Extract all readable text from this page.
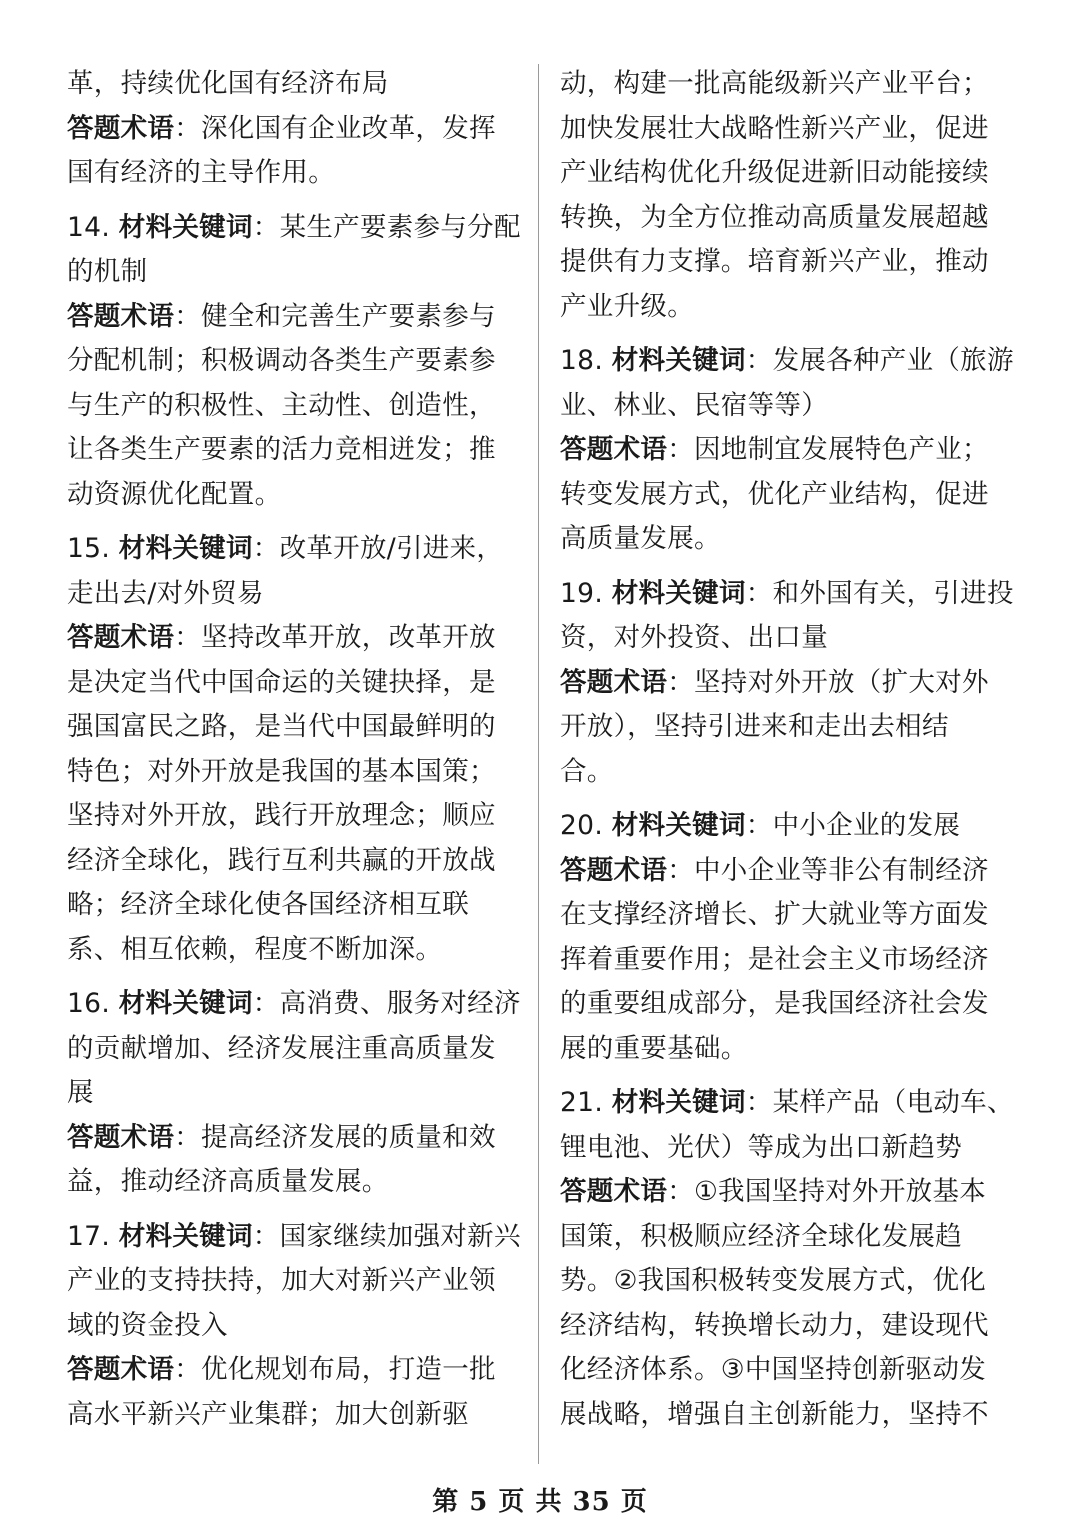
革，持续优化国有经济布局
答题术语：深化国有企业改革，发挥
国有经济的主导作用。
14. 材料关键词：某生产要素参与分配
的机制
答题术语：健全和完善生产要素参与
分配机制；积极调动各类生产要素参
与生产的积极性、主动性、创造性，
让各类生产要素的活力竞相迸发；推
动资源优化配置。
15. 材料关键词：改革开放/引进来，
走出去/对外贸易
答题术语：坚持改革开放，改革开放
是决定当代中国命运的关键抉择，是
强国富民之路，是当代中国最鲜明的
特色；对外开放是我国的基本国策；
坚持对外开放，践行开放理念；顺应
经济全球化，践行互利共赢的开放战
略；经济全球化使各国经济相互联
系、相互依赖，程度不断加深。
16. 材料关键词：高消费、服务对经济
的贡献增加、经济发展注重高质量发
展
答题术语：提高经济发展的质量和效
益，推动经济高质量发展。
17. 材料关键词：国家继续加强对新兴
产业的支持扶持，加大对新兴产业领
域的资金投入
答题术语：优化规划布局，打造一批
高水平新兴产业集群；加大创新驱
动，构建一批高能级新兴产业平台；
加快发展壮大战略性新兴产业，促进
产业结构优化升级促进新旧动能接续
转换，为全方位推动高质量发展超越
提供有力支撑。培育新兴产业，推动
产业升级。
18. 材料关键词：发展各种产业（旅游
业、林业、民宿等等）
答题术语：因地制宜发展特色产业；
转变发展方式，优化产业结构，促进
高质量发展。
19. 材料关键词：和外国有关，引进投
资，对外投资、出口量
答题术语：坚持对外开放（扩大对外
开放），坚持引进来和走出去相结
合。
20. 材料关键词：中小企业的发展
答题术语：中小企业等非公有制经济
在支撑经济增长、扩大就业等方面发
挥着重要作用；是社会主义市场经济
的重要组成部分，是我国经济社会发
展的重要基础。
21. 材料关键词：某样产品（电动车、
锂电池、光伏）等成为出口新趋势
答题术语：①我国坚持对外开放基本
国策，积极顺应经济全球化发展趋
势。②我国积极转变发展方式，优化
经济结构，转换增长动力，建设现代
化经济体系。③中国坚持创新驱动发
展战略，增强自主创新能力，坚持不
第 5 页 共 35 页
